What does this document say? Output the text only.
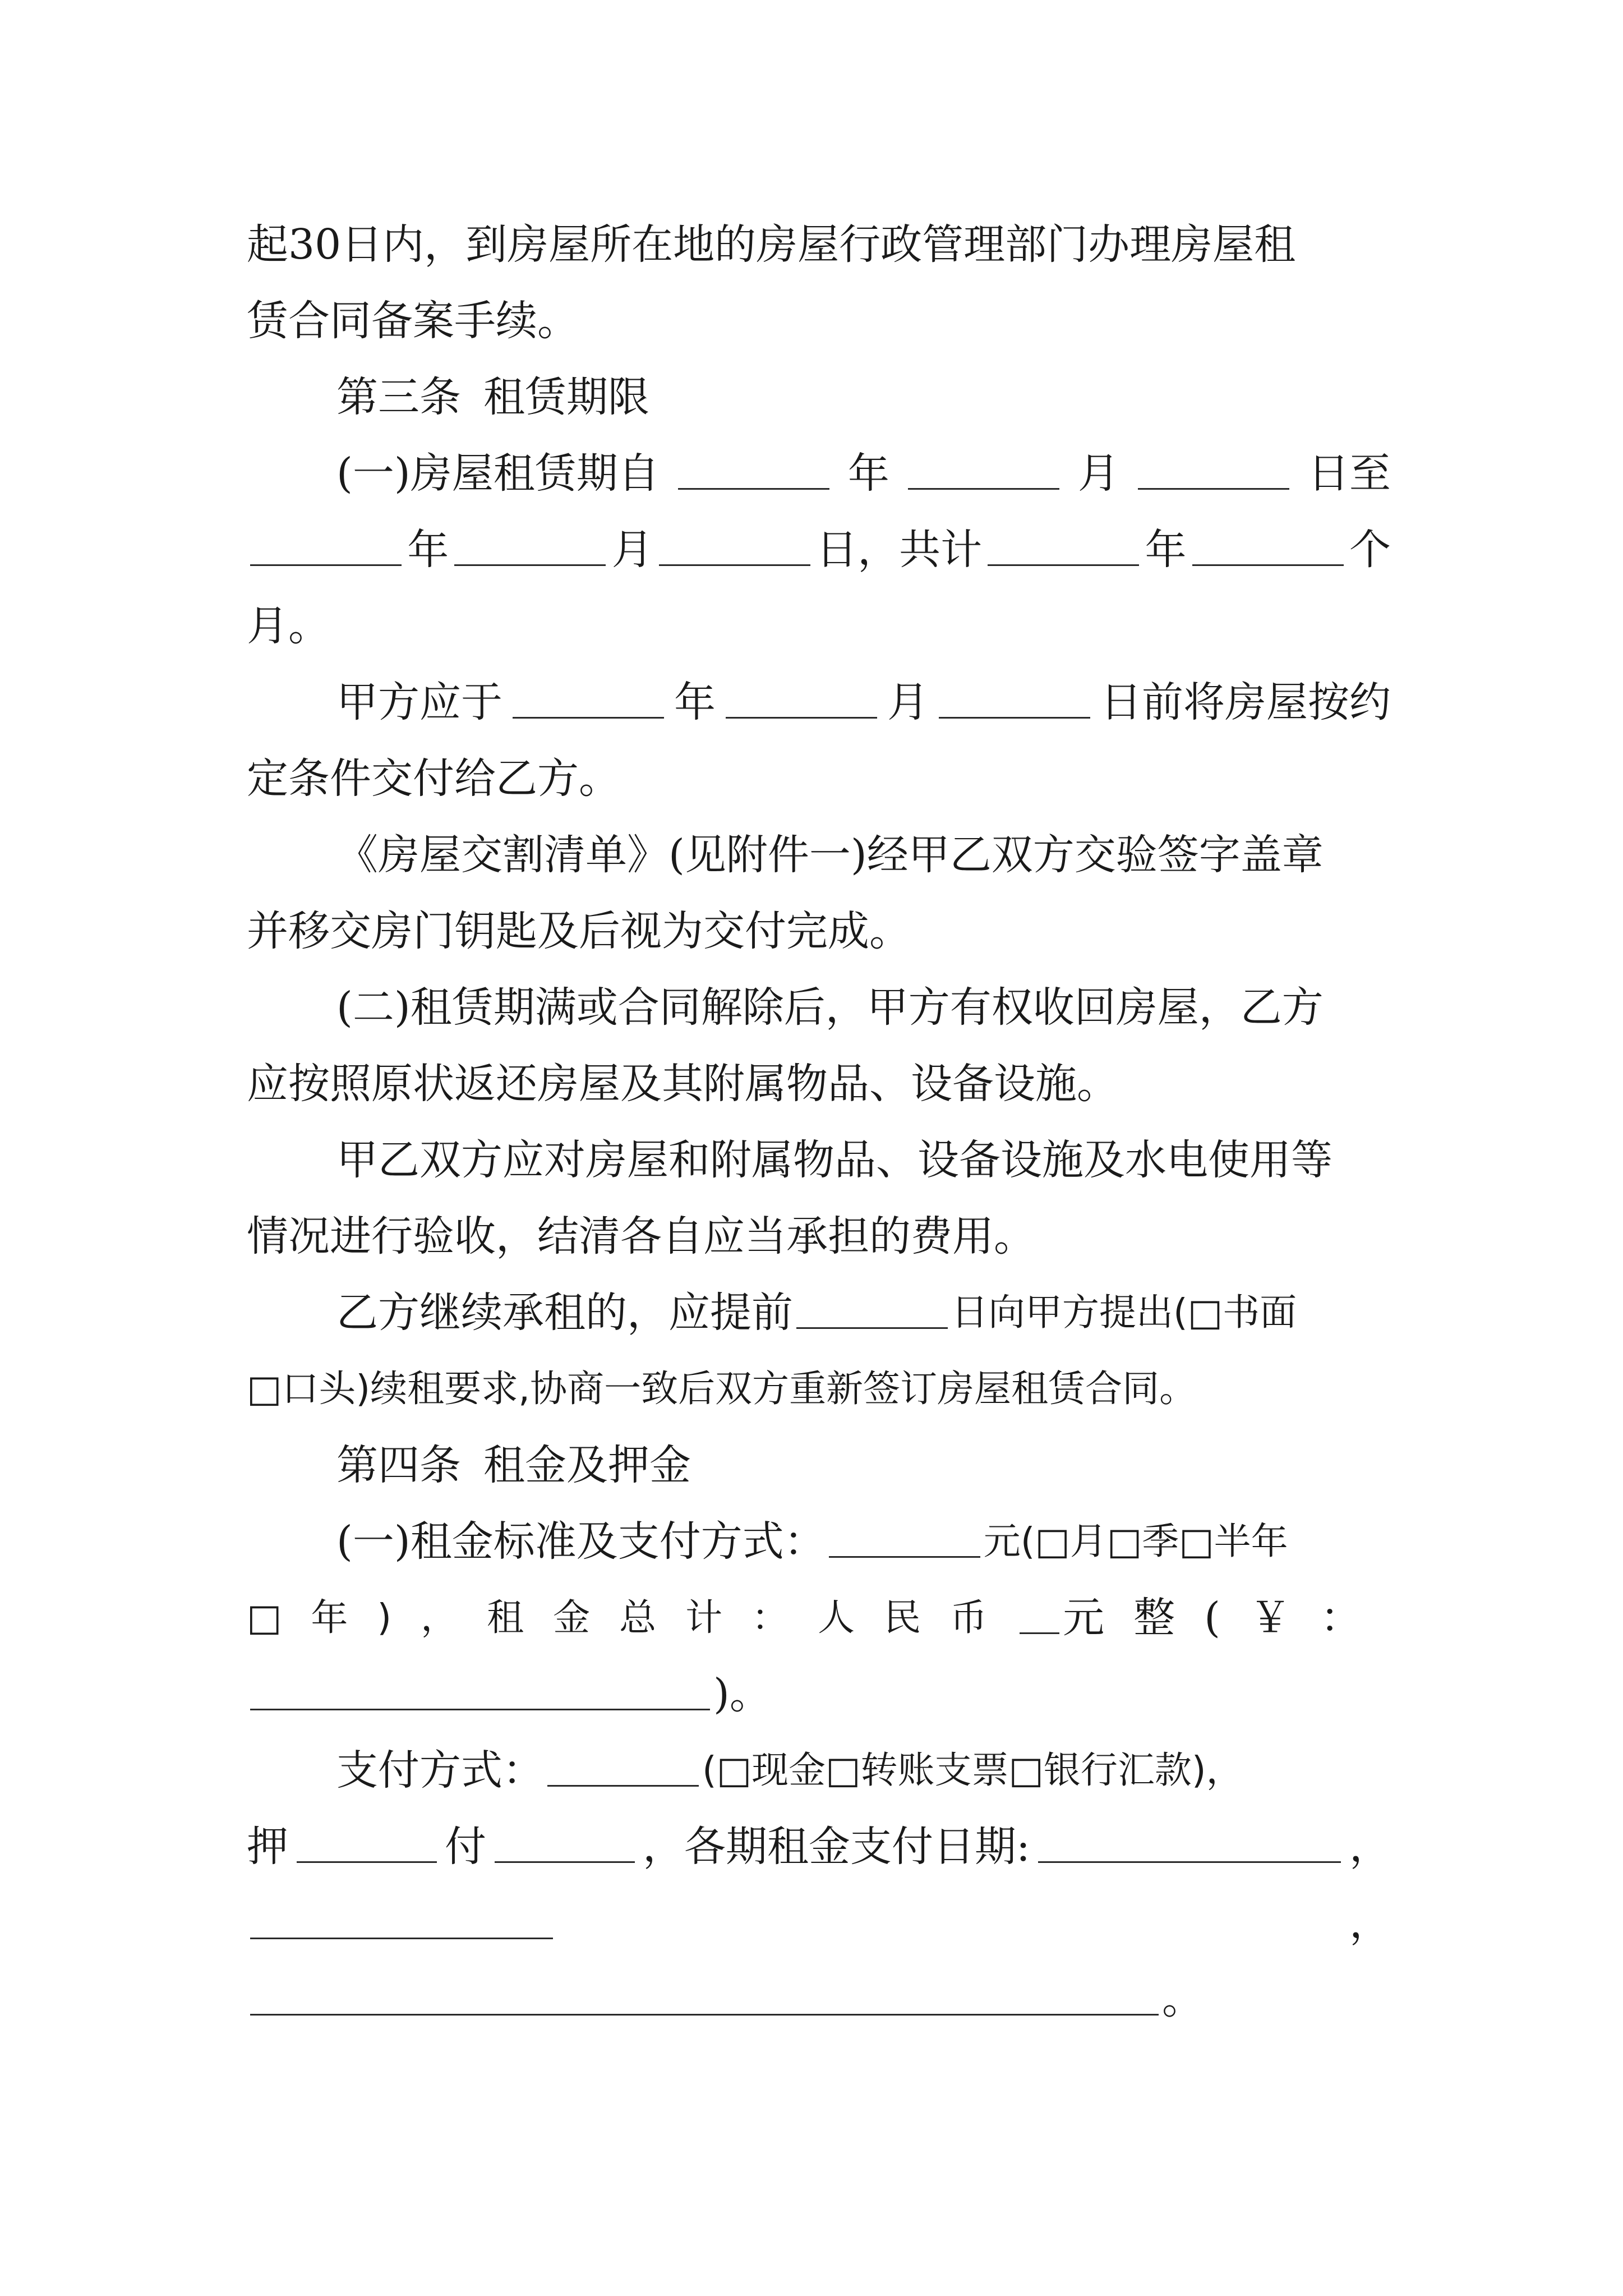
起30日内，到房屋所在地的房屋行政管理部门办理房屋租
赁合同备案手续。
第三条 租赁期限
(一)房屋租赁期自	年	月	日至
年	月	日，共计	年	个
月。
甲方应于	年	月	日前将房屋按约
定条件交付给乙方。
《房屋交割清单》(见附件一)经甲乙双方交验签字盖章
并移交房门钥匙及后视为交付完成。
(二)租赁期满或合同解除后，甲方有权收回房屋，乙方
应按照原状返还房屋及其附属物品、设备设施。
甲乙双方应对房屋和附属物品、设备设施及水电使用等
情况进行验收，结清各自应当承担的费用。
乙方继续承租的，应提前	日向甲方提出(□书面
□口头)续租要求,协商一致后双方重新签订房屋租赁合同。
第四条 租金及押金
(一)租金标准及支付方式：	元(□月□季□半年
□年)，租金总计：人民币 元整(￥：
)。
支付方式：	(□现金□转账支票□银行汇款)，
押	付	，各期租金支付日期:	，
，
。
